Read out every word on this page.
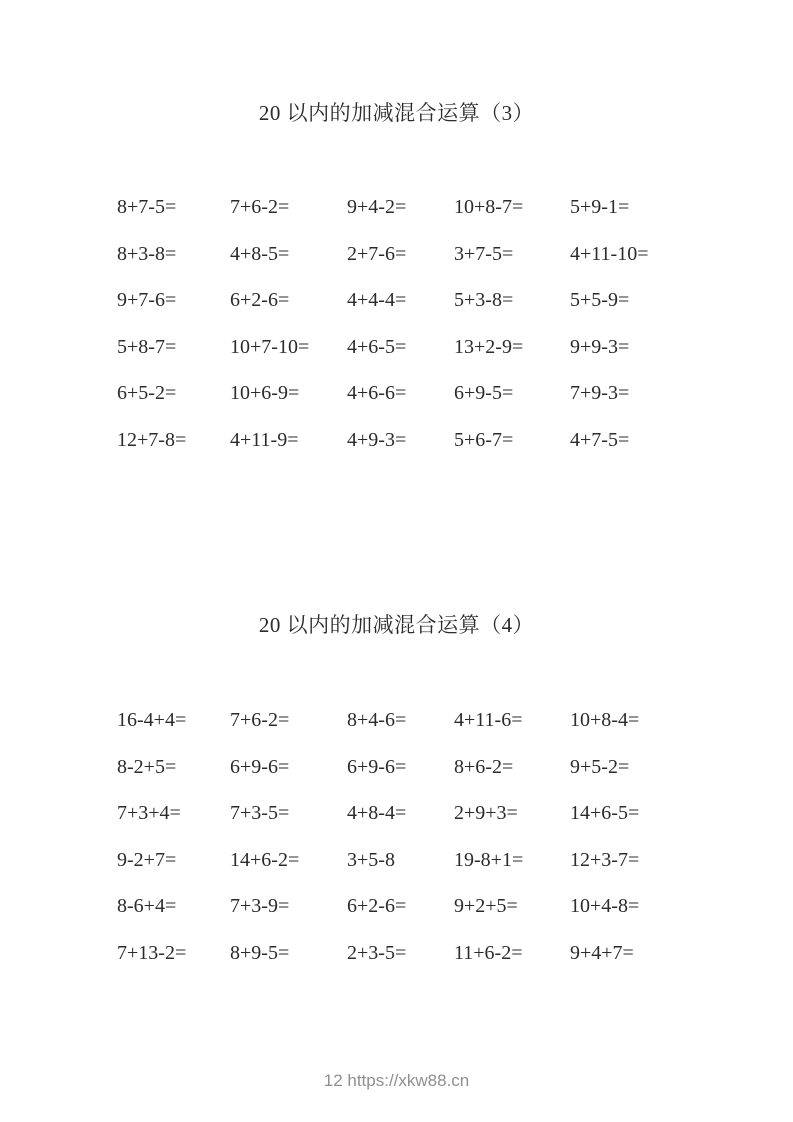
20 以内的加减混合运算（3）
8+7-5=	7+6-2=	9+4-2=	10+8-7=	5+9-1=
8+3-8=	4+8-5=	2+7-6=	3+7-5=	4+11-10=
9+7-6=	6+2-6=	4+4-4=	5+3-8=	5+5-9=
5+8-7=	10+7-10=	4+6-5=	13+2-9=	9+9-3=
6+5-2=	10+6-9=	4+6-6=	6+9-5=	7+9-3=
12+7-8=	4+11-9=	4+9-3=	5+6-7=	4+7-5=
20 以内的加减混合运算（4）
16-4+4=	7+6-2=	8+4-6=	4+11-6=	10+8-4=
8-2+5=	6+9-6=	6+9-6=	8+6-2=	9+5-2=
7+3+4=	7+3-5=	4+8-4=	2+9+3=	14+6-5=
9-2+7=	14+6-2=	3+5-8	19-8+1=	12+3-7=
8-6+4=	7+3-9=	6+2-6=	9+2+5=	10+4-8=
7+13-2=	8+9-5=	2+3-5=	11+6-2=	9+4+7=
12 https://xkw88.cn
